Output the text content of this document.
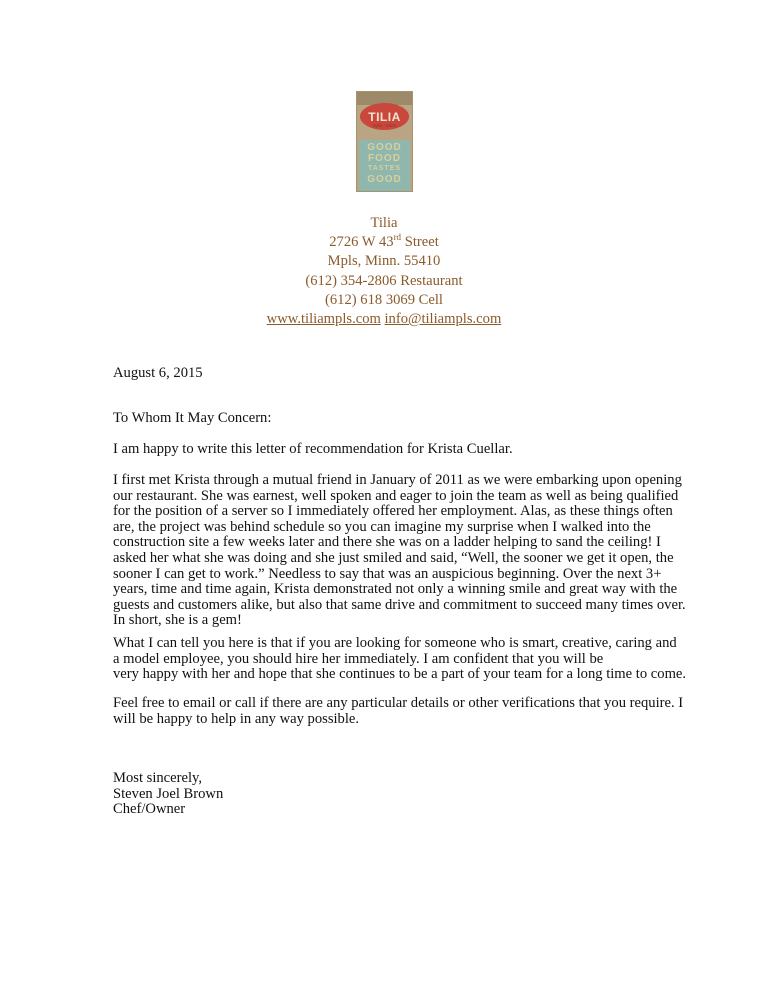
TILIA
mpls · minn
GOOD
FOOD
TASTES
GOOD
Tilia
2726 W 43rd Street
Mpls, Minn. 55410
(612) 354-2806 Restaurant
(612) 618 3069 Cell
www.tiliampls.com info@tiliampls.com
August 6, 2015
To Whom It May Concern:
I am happy to write this letter of recommendation for Krista Cuellar.
I first met Krista through a mutual friend in January of 2011 as we were embarking upon opening
our restaurant. She was earnest, well spoken and eager to join the team as well as being qualified
for the position of a server so I immediately offered her employment. Alas, as these things often
are, the project was behind schedule so you can imagine my surprise when I walked into the
construction site a few weeks later and there she was on a ladder helping to sand the ceiling! I
asked her what she was doing and she just smiled and said, “Well, the sooner we get it open, the
sooner I can get to work.” Needless to say that was an auspicious beginning. Over the next 3+
years, time and time again, Krista demonstrated not only a winning smile and great way with the
guests and customers alike, but also that same drive and commitment to succeed many times over.
In short, she is a gem!
What I can tell you here is that if you are looking for someone who is smart, creative, caring and
a model employee, you should hire her immediately. I am confident that you will be
very happy with her and hope that she continues to be a part of your team for a long time to come.
Feel free to email or call if there are any particular details or other verifications that you require. I
will be happy to help in any way possible.
Most sincerely,
Steven Joel Brown
Chef/Owner
